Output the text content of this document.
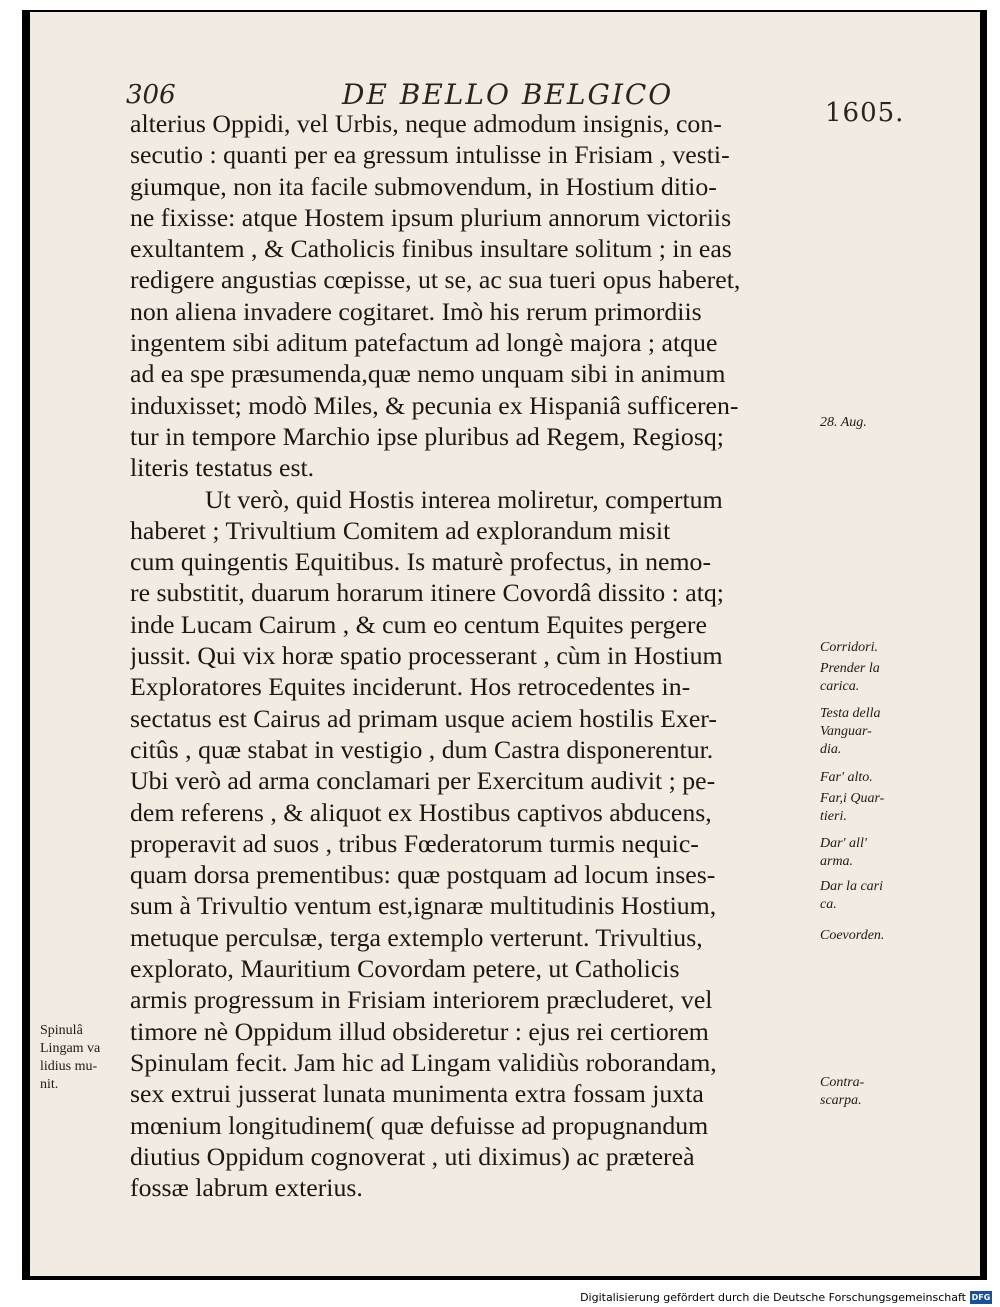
306	DE BELLO BELGICO
1605.
alterius Oppidi, vel Urbis, neque admodum insignis, con-
secutio : quanti per ea gressum intulisse in Frisiam , vesti-
giumque, non ita facile submovendum, in Hostium ditio-
ne fixisse: atque Hostem ipsum plurium annorum victoriis
exultantem , & Catholicis finibus insultare solitum ; in eas
redigere angustias cœpisse, ut se, ac sua tueri opus haberet,
non aliena invadere cogitaret. Imò his rerum primordiis
ingentem sibi aditum patefactum ad longè majora ; atque
ad ea spe præsumenda,quæ nemo unquam sibi in animum
induxisset; modò Miles, & pecunia ex Hispaniâ sufficeren-
tur in tempore Marchio ipse pluribus ad Regem, Regiosq;
literis testatus est.
Ut verò, quid Hostis interea moliretur, compertum
haberet ; Trivultium Comitem ad explorandum misit
cum quingentis Equitibus. Is maturè profectus, in nemo-
re substitit, duarum horarum itinere Covordâ dissito : atq;
inde Lucam Cairum , & cum eo centum Equites pergere
jussit. Qui vix horæ spatio processerant , cùm in Hostium
Exploratores Equites inciderunt. Hos retrocedentes in-
sectatus est Cairus ad primam usque aciem hostilis Exer-
citûs , quæ stabat in vestigio , dum Castra disponerentur.
Ubi verò ad arma conclamari per Exercitum audivit ; pe-
dem referens , & aliquot ex Hostibus captivos abducens,
properavit ad suos , tribus Fœderatorum turmis nequic-
quam dorsa prementibus: quæ postquam ad locum inses-
sum à Trivultio ventum est,ignaræ multitudinis Hostium,
metuque perculsæ, terga extemplo verterunt. Trivultius,
explorato, Mauritium Covordam petere, ut Catholicis
armis progressum in Frisiam interiorem præcluderet, vel
timore nè Oppidum illud obsideretur : ejus rei certiorem
Spinulam fecit. Jam hic ad Lingam validiùs roborandam,
sex extrui jusserat lunata munimenta extra fossam juxta
mœnium longitudinem( quæ defuisse ad propugnandum
diutius Oppidum cognoverat , uti diximus) ac prætereà
fossæ labrum exterius.
28. Aug.
Corridori.
Prender la
carica.
Testa della
Vanguar-
dia.
Far' alto.
Far,i Quar-
tieri.
Dar' all'
arma.
Dar la cari
ca.
Coevorden.
Contra-
scarpa.
Spinulâ
Lingam va
lidius mu-
nit.
Digitalisierung gefördert durch die Deutsche Forschungsgemeinschaft DFG
